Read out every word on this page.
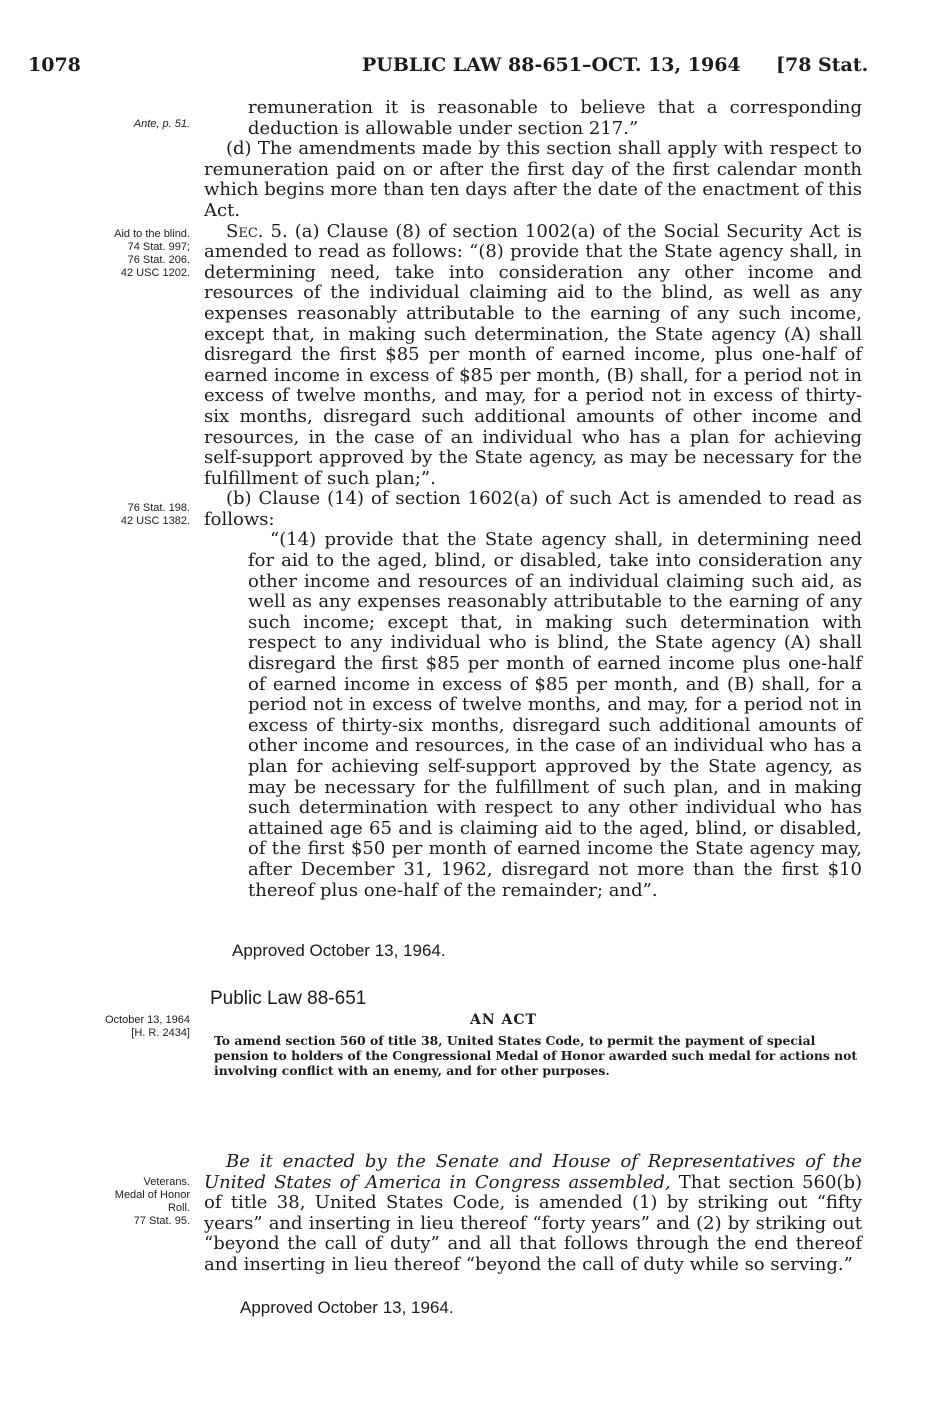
1078	PUBLIC LAW 88-651–OCT. 13, 1964 [78 Stat.
Ante, p. 51.
Aid to the blind.
74 Stat. 997;
76 Stat. 206.
42 USC 1202.
76 Stat. 198.
42 USC 1382.
October 13, 1964
[H. R. 2434]
Veterans.
Medal of Honor
Roll.
77 Stat. 95.

remuneration it is reasonable to believe that a corresponding deduction is allowable under section 217.”

(d) The amendments made by this section shall apply with respect to remuneration paid on or after the first day of the first calendar month which begins more than ten days after the date of the enactment of this Act.

Sec. 5. (a) Clause (8) of section 1002(a) of the Social Security Act is amended to read as follows: “(8) provide that the State agency shall, in determining need, take into consideration any other income and resources of the individual claiming aid to the blind, as well as any expenses reasonably attributable to the earning of any such income, except that, in making such determination, the State agency (A) shall disregard the first $85 per month of earned income, plus one-half of earned income in excess of $85 per month, (B) shall, for a period not in excess of twelve months, and may, for a period not in excess of thirty-six months, disregard such additional amounts of other income and resources, in the case of an individual who has a plan for achieving self-support approved by the State agency, as may be necessary for the fulfillment of such plan;”.

(b) Clause (14) of section 1602(a) of such Act is amended to read as follows:

“(14) provide that the State agency shall, in determining need for aid to the aged, blind, or disabled, take into consideration any other income and resources of an individual claiming such aid, as well as any expenses reasonably attributable to the earning of any such income; except that, in making such determination with respect to any individual who is blind, the State agency (A) shall disregard the first $85 per month of earned income plus one-half of earned income in excess of $85 per month, and (B) shall, for a period not in excess of twelve months, and may, for a period not in excess of thirty-six months, disregard such additional amounts of other income and resources, in the case of an individual who has a plan for achieving self-support approved by the State agency, as may be necessary for the fulfillment of such plan, and in making such determination with respect to any other individual who has attained age 65 and is claiming aid to the aged, blind, or disabled, of the first $50 per month of earned income the State agency may, after December 31, 1962, disregard not more than the first $10 thereof plus one-half of the remainder; and”.

Approved October 13, 1964.
Public Law 88-651
AN ACT
To amend section 560 of title 38, United States Code, to permit the payment of special pension to holders of the Congressional Medal of Honor awarded such medal for actions not involving conflict with an enemy, and for other purposes.

Be it enacted by the Senate and House of Representatives of the United States of America in Congress assembled, That section 560(b) of title 38, United States Code, is amended (1) by striking out “fifty years” and inserting in lieu thereof “forty years” and (2) by striking out “beyond the call of duty” and all that follows through the end thereof and inserting in lieu thereof “beyond the call of duty while so serving.”

Approved October 13, 1964.
